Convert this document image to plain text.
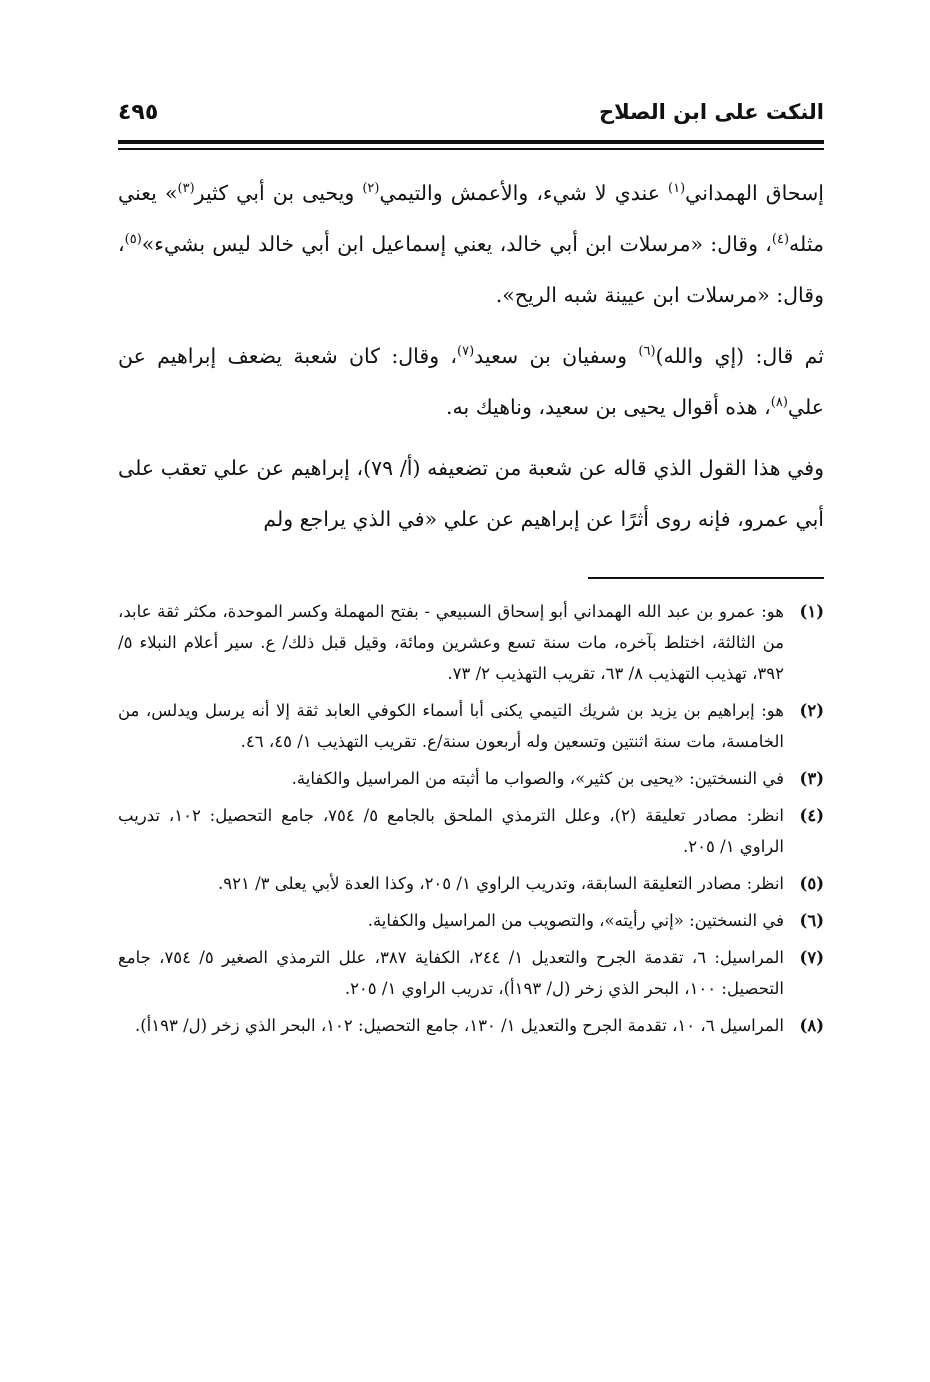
النكت على ابن الصلاح
٤٩٥

إسحاق الهمداني$^{(١)}$ عندي لا شيء، والأعمش والتيمي$^{(٢)}$ ويحيى بن أبي كثير$^{(٣)}$» يعني مثله$^{(٤)}$، وقال: «مرسلات ابن أبي خالد، يعني إسماعيل ابن أبي خالد ليس بشيء»$^{(٥)}$، وقال: «مرسلات ابن عيينة شبه الريح».

ثم قال: (إي والله)$^{(٦)}$ وسفيان بن سعيد$^{(٧)}$، وقال: كان شعبة يضعف إبراهيم عن علي$^{(٨)}$، هذه أقوال يحيى بن سعيد، وناهيك به.

وفي هذا القول الذي قاله عن شعبة من تضعيفه (أ/ ٧٩)، إبراهيم عن علي تعقب على أبي عمرو، فإنه روى أثرًا عن إبراهيم عن علي «في الذي يراجع ولم

(١)
هو: عمرو بن عبد الله الهمداني أبو إسحاق السبيعي - بفتح المهملة وكسر الموحدة، مكثر ثقة عابد، من الثالثة، اختلط بآخره، مات سنة تسع وعشرين ومائة، وقيل قبل ذلك/ ع. سير أعلام النبلاء ٥/ ٣٩٢، تهذيب التهذيب ٨/ ٦٣، تقريب التهذيب ٢/ ٧٣.
(٢)
هو: إبراهيم بن يزيد بن شريك التيمي يكنى أبا أسماء الكوفي العابد ثقة إلا أنه يرسل ويدلس، من الخامسة، مات سنة اثنتين وتسعين وله أربعون سنة/ع. تقريب التهذيب ١/ ٤٥، ٤٦.
(٣)
في النسختين: «يحيى بن كثير»، والصواب ما أثبته من المراسيل والكفاية.
(٤)
انظر: مصادر تعليقة (٢)، وعلل الترمذي الملحق بالجامع ٥/ ٧٥٤، جامع التحصيل: ١٠٢، تدريب الراوي ١/ ٢٠٥.
(٥)
انظر: مصادر التعليقة السابقة، وتدريب الراوي ١/ ٢٠٥، وكذا العدة لأبي يعلى ٣/ ٩٢١.
(٦)
في النسختين: «إني رأيته»، والتصويب من المراسيل والكفاية.
(٧)
المراسيل: ٦، تقدمة الجرح والتعديل ١/ ٢٤٤، الكفاية ٣٨٧، علل الترمذي الصغير ٥/ ٧٥٤، جامع التحصيل: ١٠٠، البحر الذي زخر (ل/ ١٩٣أ)، تدريب الراوي ١/ ٢٠٥.
(٨)
المراسيل ٦، ١٠، تقدمة الجرح والتعديل ١/ ١٣٠، جامع التحصيل: ١٠٢، البحر الذي زخر (ل/ ١٩٣أ).
